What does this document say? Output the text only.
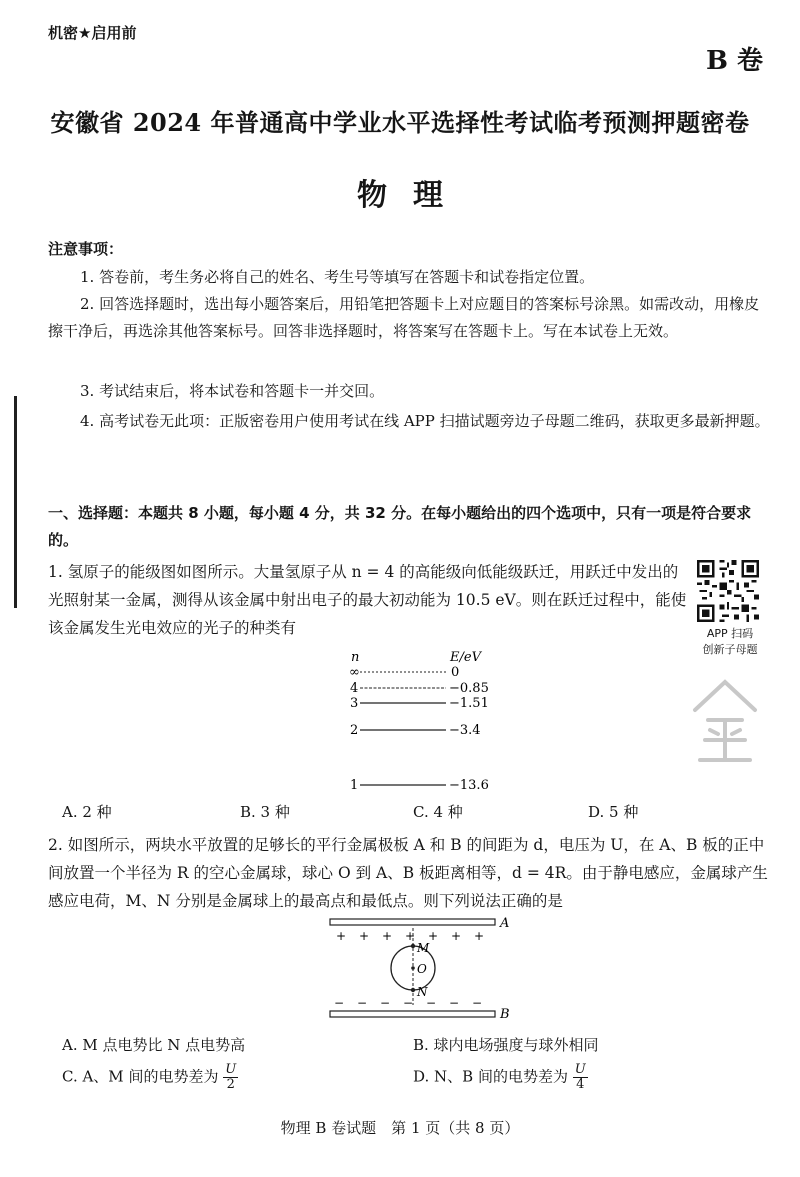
机密★启用前
B 卷
安徽省 2024 年普通高中学业水平选择性考试临考预测押题密卷
物理
注意事项：
1. 答卷前，考生务必将自己的姓名、考生号等填写在答题卡和试卷指定位置。
2. 回答选择题时，选出每小题答案后，用铅笔把答题卡上对应题目的答案标号涂黑。如需改动，用橡皮擦干净后，再选涂其他答案标号。回答非选择题时，将答案写在答题卡上。写在本试卷上无效。
3. 考试结束后，将本试卷和答题卡一并交回。
4. 高考试卷无此项：正版密卷用户使用考试在线 APP 扫描试题旁边子母题二维码，获取更多最新押题。
一、选择题：本题共 8 小题，每小题 4 分，共 32 分。在每小题给出的四个选项中，只有一项是符合要求的。
1. 氢原子的能级图如图所示。大量氢原子从 n = 4 的高能级向低能级跃迁，用跃迁中发出的光照射某一金属，测得从该金属中射出电子的最大初动能为 10.5 eV。则在跃迁过程中，能使该金属发生光电效应的光子的种类有	APP 扫码
创新子母题
n	E/eV
∞	0
4	−0.85
3	−1.51
2	−3.4
1	−13.6
A. 2 种	B. 3 种	C. 4 种	D. 5 种
2. 如图所示，两块水平放置的足够长的平行金属极板 A 和 B 的间距为 d，电压为 U，在 A、B 板的正中间放置一个半径为 R 的空心金属球，球心 O 到 A、B 板距离相等，d = 4R。由于静电感应，金属球产生感应电荷，M、N 分别是金属球上的最高点和最低点。则下列说法正确的是
A
+ + + + + + +
M
O
N
− − − − − − −
B
A. M 点电势比 N 点电势高	B. 球内电场强度与球外相同
C. A、M 间的电势差为 $\frac{U}{2}$	D. N、B 间的电势差为 $\frac{U}{4}$
物理 B 卷试题　第 1 页（共 8 页）
